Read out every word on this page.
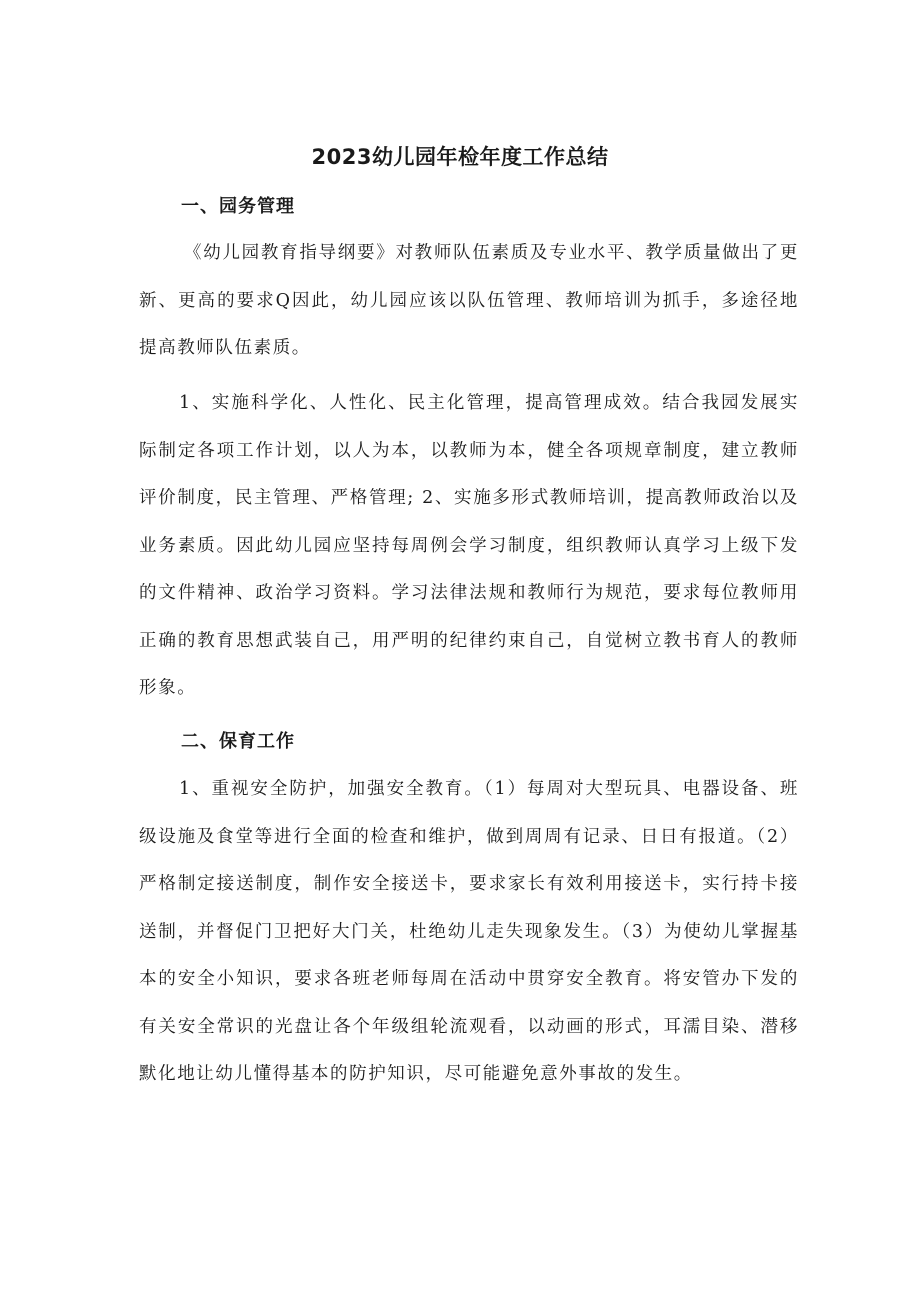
2023幼儿园年检年度工作总结
一、园务管理

《幼儿园教育指导纲要》对教师队伍素质及专业水平、教学质量做出了更新、更高的要求Q因此，幼儿园应该以队伍管理、教师培训为抓手，多途径地提高教师队伍素质。

1、实施科学化、人性化、民主化管理，提高管理成效。结合我园发展实际制定各项工作计划，以人为本，以教师为本，健全各项规章制度，建立教师评价制度，民主管理、严格管理; 2、实施多形式教师培训，提高教师政治以及业务素质。因此幼儿园应坚持每周例会学习制度，组织教师认真学习上级下发的文件精神、政治学习资料。学习法律法规和教师行为规范，要求每位教师用正确的教育思想武装自己，用严明的纪律约束自己，自觉树立教书育人的教师形象。

二、保育工作

1、重视安全防护，加强安全教育。（1）每周对大型玩具、电器设备、班级设施及食堂等进行全面的检查和维护，做到周周有记录、日日有报道。（2）严格制定接送制度，制作安全接送卡，要求家长有效利用接送卡，实行持卡接送制，并督促门卫把好大门关，杜绝幼儿走失现象发生。（3）为使幼儿掌握基本的安全小知识，要求各班老师每周在活动中贯穿安全教育。将安管办下发的有关安全常识的光盘让各个年级组轮流观看，以动画的形式，耳濡目染、潜移默化地让幼儿懂得基本的防护知识，尽可能避免意外事故的发生。
